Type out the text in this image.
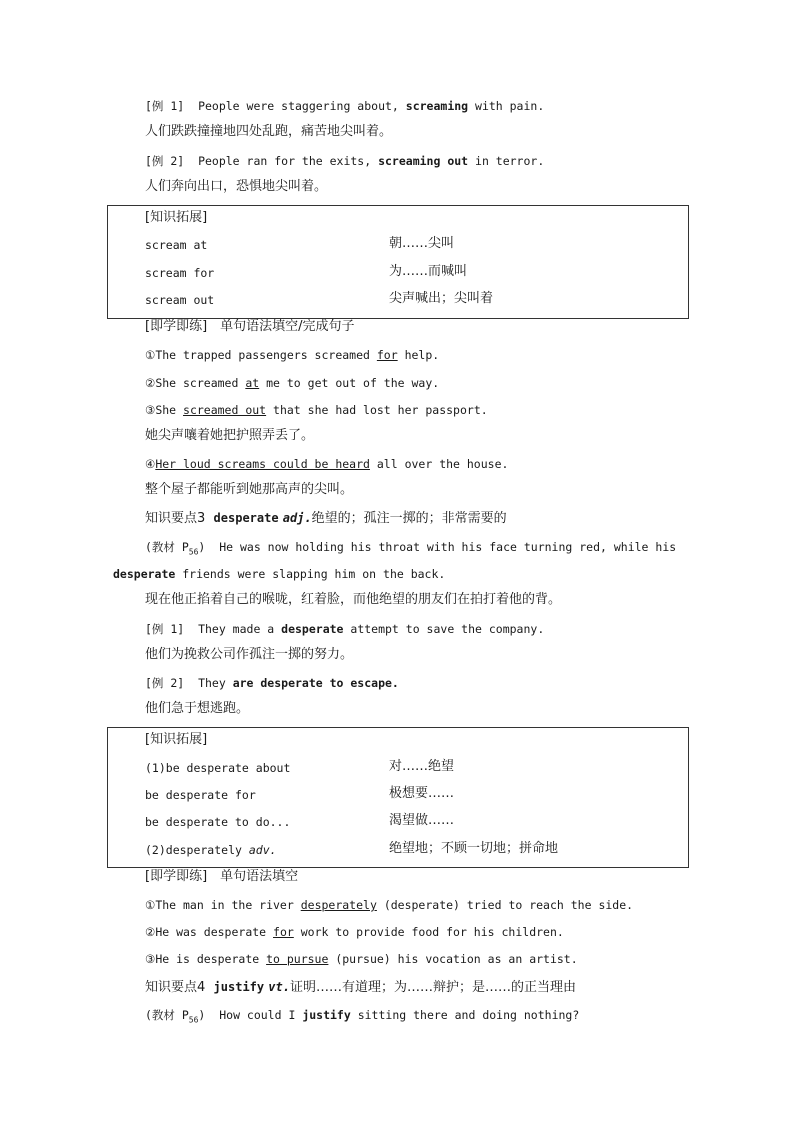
[例 1] People were staggering about, screaming with pain.
人们跌跌撞撞地四处乱跑，痛苦地尖叫着。
[例 2] People ran for the exits, screaming out in terror.
人们奔向出口，恐惧地尖叫着。
[知识拓展]
scream at	朝……尖叫
scream for	为……而喊叫
scream out	尖声喊出；尖叫着
[即学即练]　单句语法填空/完成句子
①The trapped passengers screamed for help.
②She screamed at me to get out of the way.
③She screamed out that she had lost her passport.
她尖声嚷着她把护照弄丢了。
④Her loud screams could be heard all over the house.
整个屋子都能听到她那高声的尖叫。
知识要点3 desperate adj.绝望的；孤注一掷的；非常需要的
(教材 $P_{56}$) He was now holding his throat with his face turning red, while his
desperate friends were slapping him on the back.
现在他正掐着自己的喉咙，红着脸，而他绝望的朋友们在拍打着他的背。
[例 1] They made a desperate attempt to save the company.
他们为挽救公司作孤注一掷的努力。
[例 2] They are desperate to escape.
他们急于想逃跑。
[知识拓展]
(1)be desperate about	对……绝望
be desperate for	极想要……
be desperate to do...	渴望做……
(2)desperately adv.	绝望地；不顾一切地；拼命地
[即学即练]　单句语法填空
①The man in the river desperately (desperate) tried to reach the side.
②He was desperate for work to provide food for his children.
③He is desperate to pursue (pursue) his vocation as an artist.
知识要点4 justify vt.证明……有道理；为……辩护；是……的正当理由
(教材 $P_{56}$) How could I justify sitting there and doing nothing?
